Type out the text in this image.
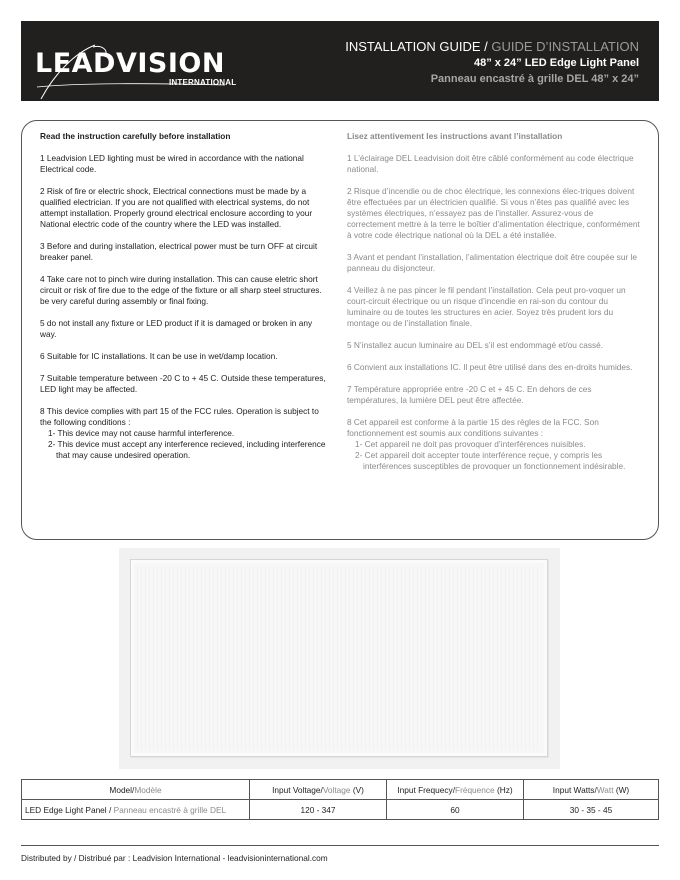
LEADVISION
INTERNATIONAL
INSTALLATION GUIDE / GUIDE D’INSTALLATION
48” x 24” LED Edge Light Panel
Panneau encastré à grille DEL 48” x 24”
Read the instruction carefully before installation
1 Leadvision LED lighting must be wired in accordance with the national Electrical code.
2 Risk of fire or electric shock, Electrical connections must be made by a qualified electrician. If you are not qualified with electrical systems, do not attempt installation. Properly ground electrical enclosure according to your National electric code of the country where the LED was installed.
3 Before and during installation, electrical power must be turn OFF at circuit breaker panel.
4 Take care not to pinch wire during installation. This can cause eletric short circuit or risk of fire due to the edge of the fixture or all sharp steel structures. be very careful during assembly or final fixing.
5 do not install any fixture or LED product if it is damaged or broken in any way.
6 Suitable for IC installations. It can be use in wet/damp location.
7 Suitable temperature between -20 C to + 45 C. Outside these temperatures, LED light may be affected.
8 This device complies with part 15 of the FCC rules. Operation is subject to the following conditions :
1- This device may not cause harmful interference.
2- This device must accept any interference recieved, including interference that may cause undesired operation.
Lisez attentivement les instructions avant l’installation
1 L’éclairage DEL Leadvision doit être câblé conformément au code électrique national.
2 Risque d’incendie ou de choc électrique, les connexions élec-triques doivent être effectuées par un électricien qualifié. Si vous n’êtes pas qualifié avec les systèmes électriques, n’essayez pas de l’installer. Assurez-vous de correctement mettre à la terre le boîtier d’alimentation électrique, conformément à votre code électrique national où la DEL a été installée.
3 Avant et pendant l’installation, l’alimentation électrique doit être coupée sur le panneau du disjoncteur.
4 Veillez à ne pas pincer le fil pendant l’installation. Cela peut pro-voquer un court-circuit électrique ou un risque d’incendie en rai-son du contour du luminaire ou de toutes les structures en acier. Soyez très prudent lors du montage ou de l’installation finale.
5 N’installez aucun luminaire au DEL s’il est endommagé et/ou cassé.
6 Convient aux installations IC. Il peut être utilisé dans des en-droits humides.
7 Température appropriée entre -20 C et + 45 C. En dehors de ces températures, la lumière DEL peut être affectée.
8 Cet appareil est conforme à la partie 15 des règles de la FCC. Son fonctionnement est soumis aux conditions suivantes :
1- Cet appareil ne doit pas provoquer d’interférences nuisibles.
2- Cet appareil doit accepter toute interférence reçue, y compris les interférences susceptibles de provoquer un fonctionnement indésirable.
Model/Modèle	Input Voltage/Voltage (V)	Input Frequecy/Fréquence (Hz)	Input Watts/Watt (W)
LED Edge Light Panel / Panneau encastré à grille DEL	120 - 347	60	30 - 35 - 45
Distributed by / Distribué par : Leadvision International - leadvisioninternational.com
